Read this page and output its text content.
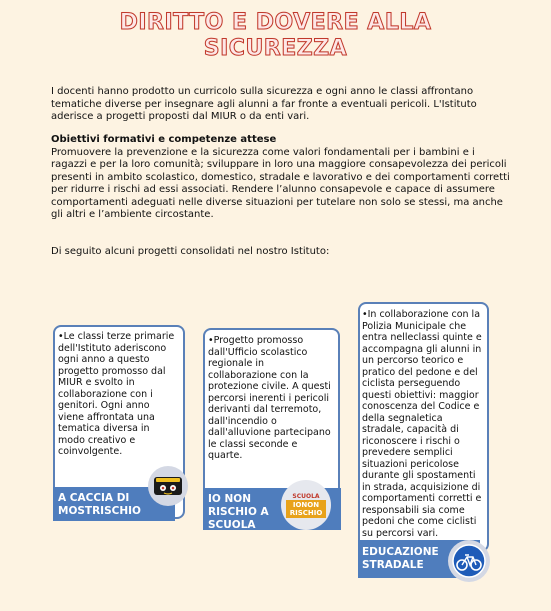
DIRITTO E DOVERE ALLA
SICUREZZA
I docenti hanno prodotto un curricolo sulla sicurezza e ogni anno le classi affrontano tematiche diverse per insegnare agli alunni a far fronte a eventuali pericoli. L'Istituto aderisce a progetti proposti dal MIUR o da enti vari.
Obiettivi formativi e competenze attese
Promuovere la prevenzione e la sicurezza come valori fondamentali per i bambini e i ragazzi e per la loro comunità; sviluppare in loro una maggiore consapevolezza dei pericoli presenti in ambito scolastico, domestico, stradale e lavorativo e dei comportamenti corretti per ridurre i rischi ad essi associati. Rendere l’alunno consapevole e capace di assumere comportamenti adeguati nelle diverse situazioni per tutelare non solo se stessi, ma anche gli altri e l’ambiente circostante.
Di seguito alcuni progetti consolidati nel nostro Istituto:
•Le classi terze primarie dell'Istituto aderiscono ogni anno a questo progetto promosso dal MIUR e svolto in collaborazione con i genitori. Ogni anno viene affrontata una tematica diversa in modo creativo e coinvolgente.
A CACCIA DI MOSTRISCHIO
•Progetto promosso dall'Ufficio scolastico regionale in collaborazione con la protezione civile. A questi percorsi inerenti i pericoli derivanti dal terremoto, dall'incendio o dall'alluvione partecipano le classi seconde e quarte.
IO NON RISCHIO A SCUOLA
SCUOLA
IONON RISCHIO
•In collaborazione con la Polizia Municipale che entra nelleclassi quinte e accompagna gli alunni in un percorso teorico e pratico del pedone e del ciclista perseguendo questi obiettivi: maggior conoscenza del Codice e della segnaletica stradale, capacità di riconoscere i rischi o prevedere semplici situazioni pericolose durante gli spostamenti in strada, acquisizione di comportamenti corretti e responsabili sia come pedoni che come ciclisti su percorsi vari.
EDUCAZIONE STRADALE
